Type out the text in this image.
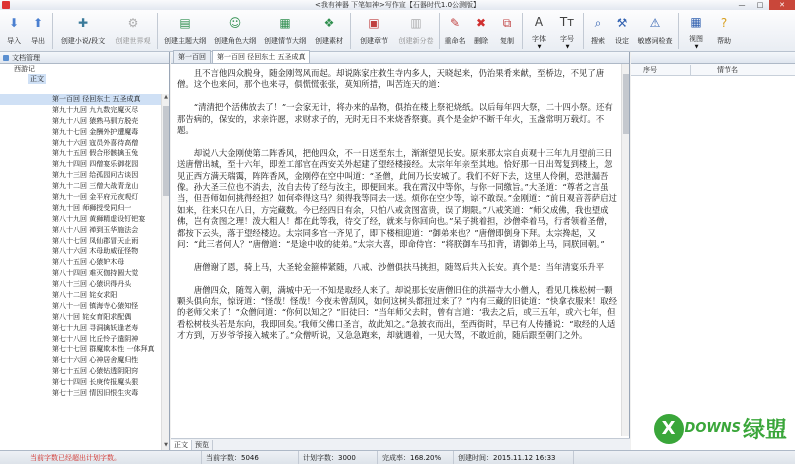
<我有神器 下笔如神>写作宣【石器时代1.0公测版】	—	□	✕
⬇
导入
⬆
导出
✚
创建小说/段文
⚙
创建世界观
▤
创建主题大纲
☺
创建角色大纲
▦
创建情节大纲
❖
创建素材
▣
创建章节
▥
创建新分卷
✎
重命名
✖
删除
⧉
复制
A
字体
▼
Tт
字号
▼
⌕
搜索
⚒
设定
⚠
敏感词检查
▦
视图
▼
?
帮助
文档管理
西游记
正文
第一百回 径回东土 五圣成真
第九十九回 九九数完魔灭尽
第九十八回 猿熟马驯方脱壳
第九十七回 金酬外护遭魔毒
第九十六回 寇员外喜待高僧
第九十五回 假合形骸擒玉兔
第九十四回 四僧宴乐御花园
第九十三回 给孤园问古谈因
第九十二回 三僧大战青龙山
第九十一回 金平府元夜观灯
第九十回 师狮授受同归一
第八十九回 黄狮精虚设钉钯宴
第八十八回 禅到玉华施法会
第八十七回 凤仙郡冒天止雨
第八十六回 木母助威征怪物
第八十五回 心猿妒木母
第八十四回 难灭伽持圆大觉
第八十三回 心猿识得丹头
第八十二回 姹女求阳
第八十一回 镇海寺心猿知怪
第八十回 姹女育阳求配偶
第七十九回 寻洞擒妖逢老寿
第七十八回 比丘怜子遣阴神
第七十七回 群魔欺本性 一体拜真
第七十六回 心神居舍魔归性
第七十五回 心猿钻透阴阳窍
第七十四回 长庚传报魔头狠
第七十三回 情因旧恨生灾毒
▲
▼
第一百回	第一百回 径回东土 五圣成真

且不言他四众脱身，随金刚驾风而起。却说陈家庄救生寺内多人，天晓起来，仍治果肴来献，至桥边，不见了唐僧。这个也来问，那个也来寻，俱慌慌张张，莫知所措，叫苦连天的道：

“清清把个活佛放去了！”一会家无计，将办来的品物，俱抬在楼上祭祀烧纸。以后每年四大祭，二十四小祭。还有那告病的，保安的，求亲许愿，求财求子的，无时无日不来烧香祭赛。真个是金炉不断千年火，玉盏常明万载灯。不题。

却说八大金刚使第二阵香风，把他四众，不一日送至东土，渐渐望见长安。原来那太宗自贞观十三年九月望前三日送唐僧出城，至十六年，即差工部官在西安关外起建了望经楼接经。太宗年年亲至其地。恰好那一日出驾复到楼上，忽见正西方满天瑞霭，阵阵香风，金刚停在空中叫道：“圣僧，此间乃长安城了。我们不好下去，这里人伶俐，恐泄漏吾像。孙大圣三位也不消去，汝自去传了经与汝主，即便回来。我在霄汉中等你，与你一同缴旨。”大圣道：“尊者之言虽当，但吾师如何挑得经担？如何牵得这马？须得我等同去一送。烦你在空少等，谅不敢误。”金刚道：“前日观音菩萨启过如来，往来只在八日，方完藏数。今已经四日有余，只怕八戒贪图富贵，误了期限。”八戒笑道：“师父成佛，我也望成佛，岂有贪图之理！泼大粗人！都在此等我，待交了经，就来与你回向也。”呆子挑着担，沙僧牵着马，行者领着圣僧，都按下云头，落于望经楼边。太宗同多官一齐见了，即下楼相迎道：“御弟来也？”唐僧即倒身下拜。太宗搀起，又问：“此三者何人？”唐僧道：“是途中收的徒弟。”太宗大喜，即命侍官：“将朕御车马扣背，请御弟上马，同朕回朝。”

唐僧谢了恩，骑上马，大圣轮金箍棒紧随，八戒、沙僧俱扶马挑担，随驾后共入长安。真个是：当年清宴乐升平

唐僧四众，随驾入朝，满城中无一不知是取经人来了。却说那长安唐僧旧住的洪福寺大小僧人，看见几株松树一颗颗头俱向东，惊讶道：“怪哉！怪哉！今夜未曾刮风，如何这树头都扭过来了？”内有三藏的旧徒道：“快拿衣服来！取经的老师父来了！”众僧问道：“你何以知之？”旧徒曰：“当年师父去时，曾有言道：‘我去之后，或三五年，或六七年，但看松树枝头若是东向，我即回矣。’我师父佛口圣言，故此知之。”急披衣而出，至西街时，早已有人传播说：“取经的人适才方到，万岁爷爷接入城来了。”众僧听说，又急急跑来，却就遇着，一见大驾，不敢近前，随后跟至朝门之外。

正文	预览
序号	情节名
X DOWNS 绿盟
当前字数已经超出计划字数。	当前字数：5046	计划字数：3000	完成率：168.20%	创建时间：2015.11.12 16:33
